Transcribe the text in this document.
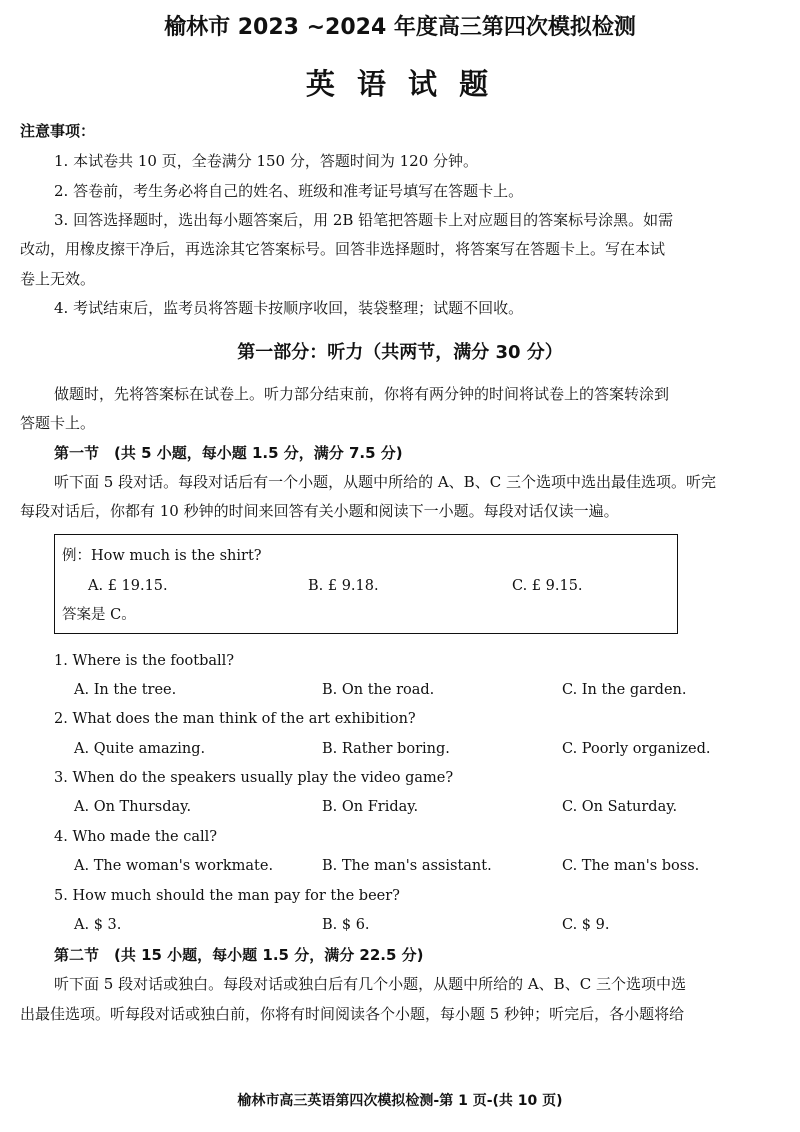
榆林市 2023 ~2024 年度高三第四次模拟检测
英 语 试 题
注意事项：
1. 本试卷共 10 页，全卷满分 150 分，答题时间为 120 分钟。
2. 答卷前，考生务必将自己的姓名、班级和准考证号填写在答题卡上。
3. 回答选择题时，选出每小题答案后，用 2B 铅笔把答题卡上对应题目的答案标号涂黑。如需
改动，用橡皮擦干净后，再选涂其它答案标号。回答非选择题时，将答案写在答题卡上。写在本试
卷上无效。
4. 考试结束后，监考员将答题卡按顺序收回，装袋整理；试题不回收。
第一部分：听力（共两节，满分 30 分）
做题时，先将答案标在试卷上。听力部分结束前，你将有两分钟的时间将试卷上的答案转涂到
答题卡上。
第一节　(共 5 小题，每小题 1.5 分，满分 7.5 分)
听下面 5 段对话。每段对话后有一个小题，从题中所给的 A、B、C 三个选项中选出最佳选项。听完
每段对话后，你都有 10 秒钟的时间来回答有关小题和阅读下一小题。每段对话仅读一遍。
例：How much is the shirt?
A. £ 19.15.	B. £ 9.18.	C. £ 9.15.
答案是 C。
1. Where is the football?
A. In the tree.	B. On the road.	C. In the garden.
2. What does the man think of the art exhibition?
A. Quite amazing.	B. Rather boring.	C. Poorly organized.
3. When do the speakers usually play the video game?
A. On Thursday.	B. On Friday.	C. On Saturday.
4. Who made the call?
A. The woman's workmate.	B. The man's assistant.	C. The man's boss.
5. How much should the man pay for the beer?
A. $ 3.	B. $ 6.	C. $ 9.
第二节　(共 15 小题，每小题 1.5 分，满分 22.5 分)
听下面 5 段对话或独白。每段对话或独白后有几个小题，从题中所给的 A、B、C 三个选项中选
出最佳选项。听每段对话或独白前，你将有时间阅读各个小题，每小题 5 秒钟；听完后，各小题将给
榆林市高三英语第四次模拟检测-第 1 页-(共 10 页)
